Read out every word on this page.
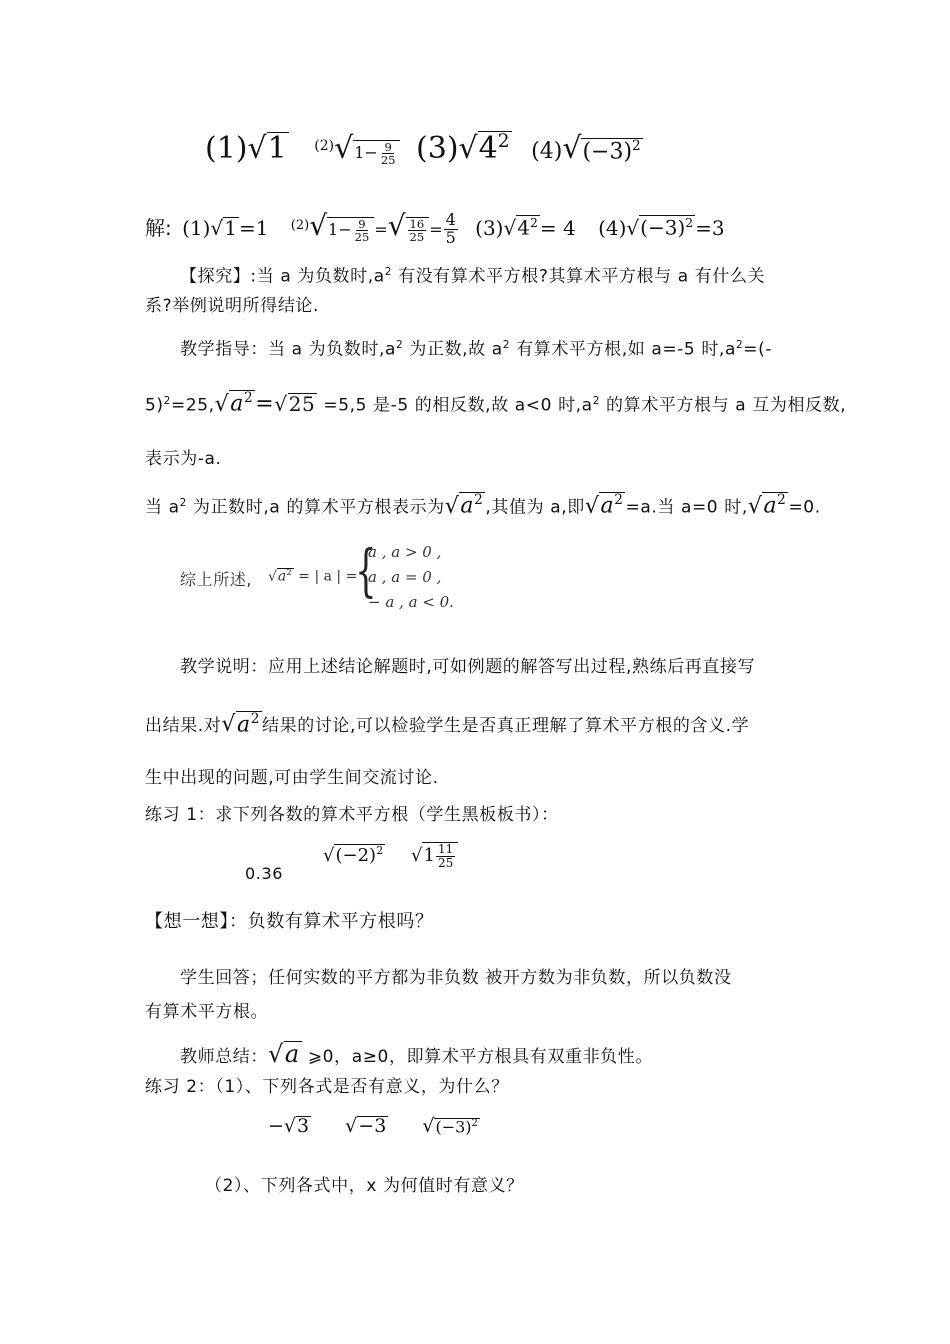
(1)√1 $^{(2)}√1- \frac{9}{25} (3)√4^2$ $(4)√(-3)^2$
解: (1)√1 =1 $^{(2)}√1- \frac{9}{25}$ =√ $\frac{16}{25} = \frac{4}{5} (3)√4^2 = 4$ $(4)√(-3)^2 =3$
【探究】:当 a 为负数时$,a^2$ 有没有算术平方根?其算术平方根与 a 有什么关
系?举例说明所得结论.
教学指导：当 a 为负数时$,a^2$ 为正数,故 $a^2$ 有算术平方根,如 a=-5 时$,a^2=(-$
$5)^2=25,√a^2=√25 =5,5$ 是-5 的相反数,故 a<0 时$,a^2$ 的算术平方根与 a 互为相反数,
表示为-a.
当 $a^2$ 为正数时,a 的算术平方根表示为$√a^2$ ,其值为 a,即$√a^2 =a$.当 a=0 时$,√a^2 =0$.
综上所述, $√a^2$ = | a | =
{
a , a > 0 ,
a , a = 0 ,
− a , a < 0.
教学说明：应用上述结论解题时,可如例题的解答写出过程,熟练后再直接写
出结果.对$√a^2$ 结果的讨论,可以检验学生是否真正理解了算术平方根的含义.学
生中出现的问题,可由学生间交流讨论.
练习 1：求下列各数的算术平方根（学生黑板板书）：
0.36
$√(-2)^2$ $√1 \frac{11}{25}$
【想一想】：负数有算术平方根吗？
学生回答；任何实数的平方都为非负数 被开方数为非负数，所以负数没
有算术平方根。
教师总结：√a ⩾0，a≥0，即算术平方根具有双重非负性。
练习 2：（1）、下列各式是否有意义，为什么？
−√3 √−3 $√(-3)^2$
（2）、下列各式中，x 为何值时有意义？
